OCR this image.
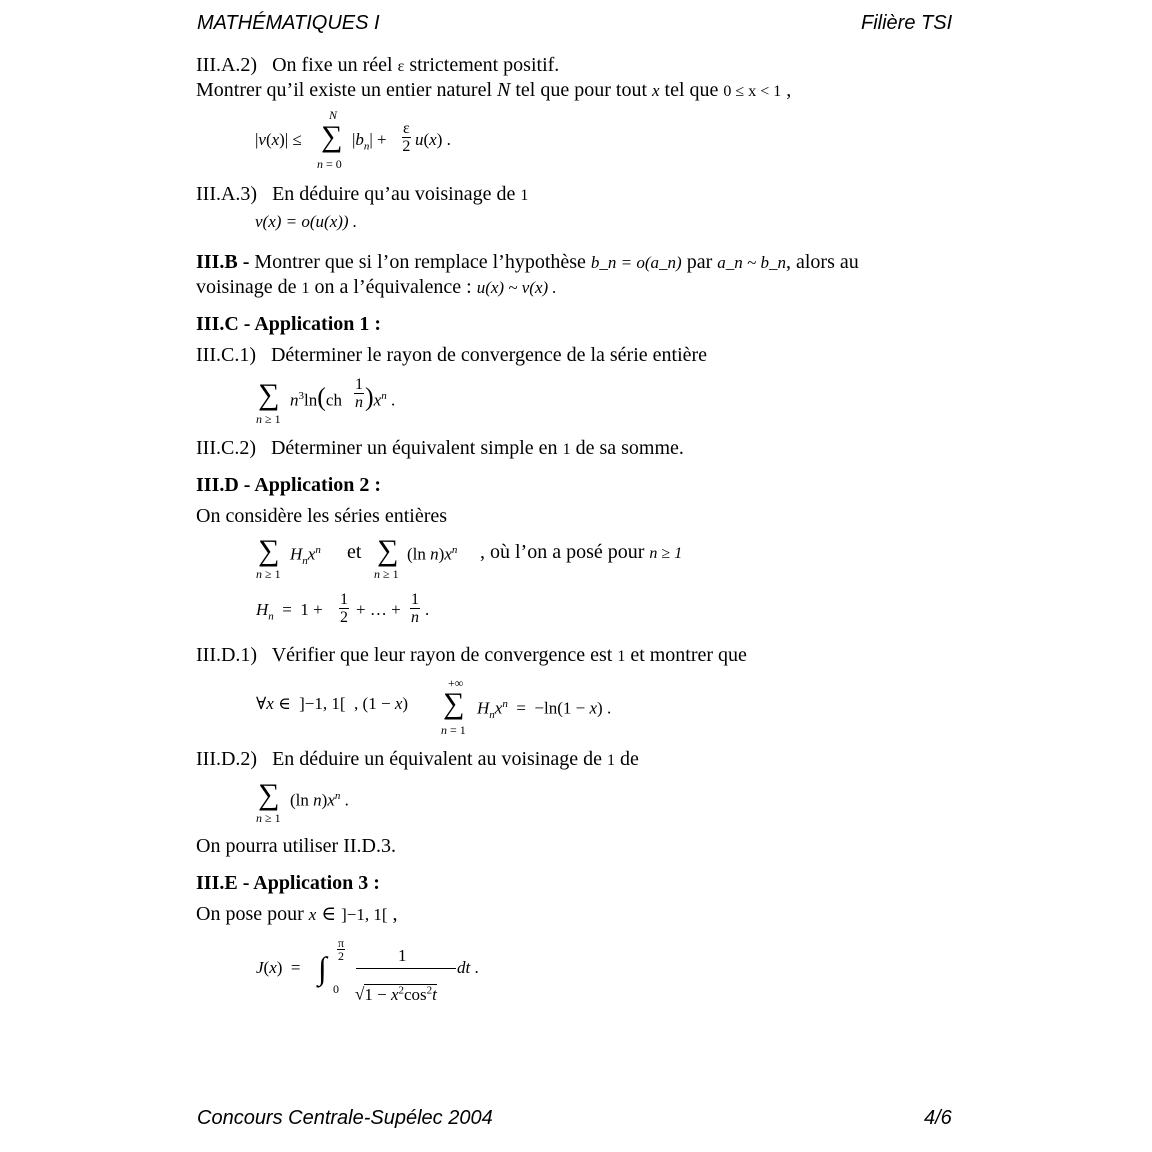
MATHÉMATIQUES I	Filière TSI
III.A.2) On fixe un réel ε strictement positif.
Montrer qu’il existe un entier naturel N tel que pour tout x tel que 0 ≤ x < 1 ,
|v(x)| ≤
N
∑
n = 0
$|b_n| + \frac{\varepsilon}{2} u(x)$ .
III.A.3) En déduire qu’au voisinage de 1
v(x) = o(u(x)) .
III.B - Montrer que si l’on remplace l’hypothèse b_n = o(a_n) par a_n ~ b_n, alors au
voisinage de 1 on a l’équivalence : u(x) ~ v(x) .
III.C - Application 1 :
III.C.1) Déterminer le rayon de convergence de la série entière
∑
n ≥ 1
$n^3\ln(ch \frac{1}{n} )x^n$ .
III.C.2) Déterminer un équivalent simple en 1 de sa somme.
III.D - Application 2 :
On considère les séries entières
∑
n ≥ 1
$H_nx^n$ et ∑
n ≥ 1
(ln $n)x^n$ , où l’on a posé pour n ≥ 1
$H_n = 1 + \frac{1}{2}$ + … + $\frac{1}{n}$ .
III.D.1) Vérifier que leur rayon de convergence est 1 et montrer que
∀x ∈  ]−1, 1[  , (1 − x)
+∞
∑
n = 1
$H_nx^n = -\ln(1 - x)$ .
III.D.2) En déduire un équivalent au voisinage de 1 de
∑
n ≥ 1
(ln $n)x^n$ .
On pourra utiliser II.D.3.
III.E - Application 3 :
On pose pour x ∈ ]−1, 1[ ,
J(x)  = ∫
$\frac{\pi}{2}$
0
1
$√1 - x^2\cos^2t$
dt .
Concours Centrale-Supélec 2004	4/6
